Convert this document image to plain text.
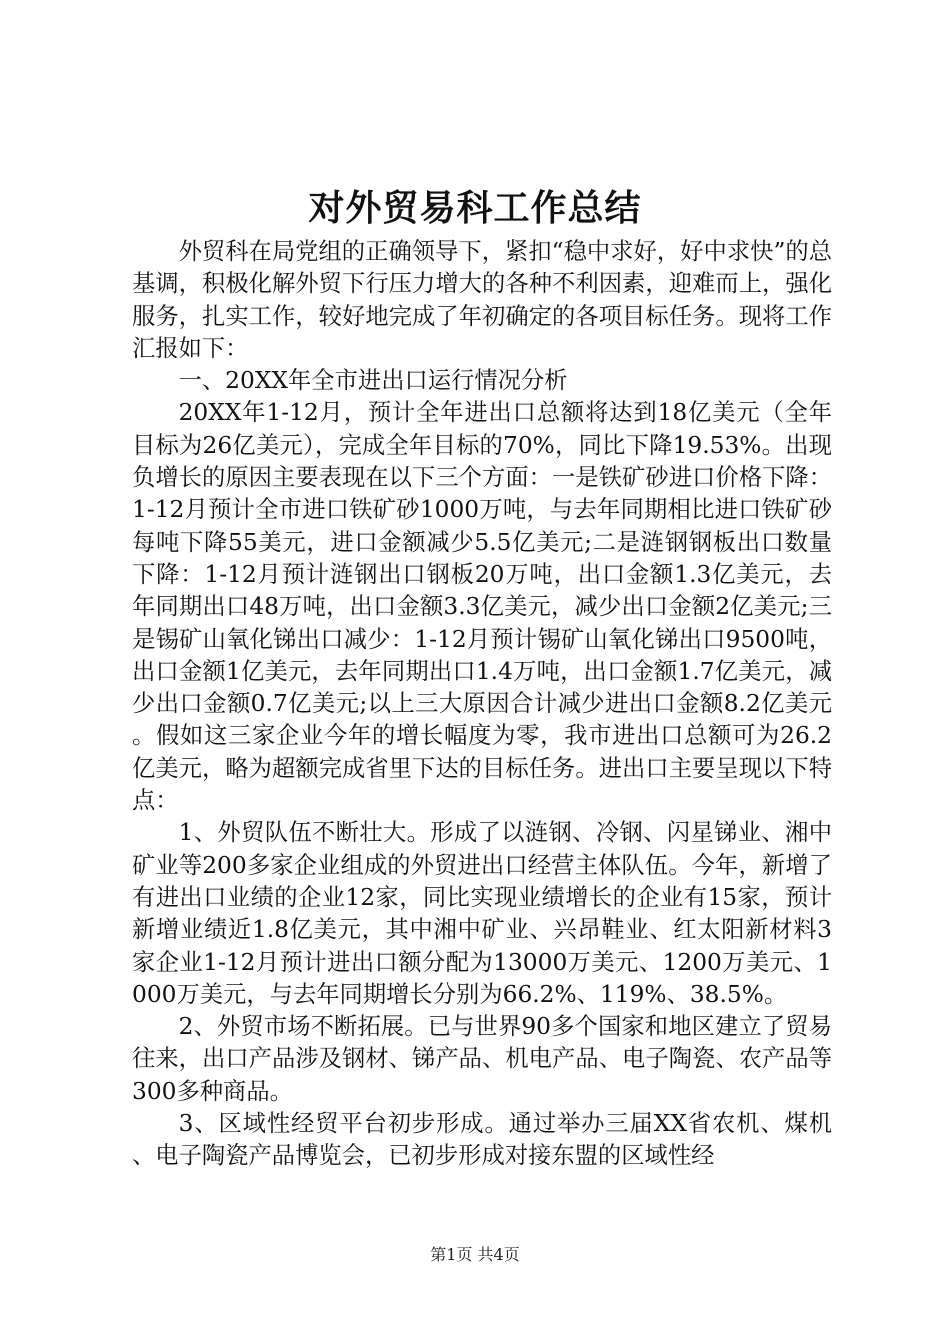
对外贸易科工作总结

外贸科在局党组的正确领导下，紧扣“稳中求好，好中求快”的总基调，积极化解外贸下行压力增大的各种不利因素，迎难而上，强化服务，扎实工作，较好地完成了年初确定的各项目标任务。现将工作汇报如下：

一、20XX年全市进出口运行情况分析

20XX年1-12月，预计全年进出口总额将达到18亿美元（全年目标为26亿美元），完成全年目标的70%，同比下降19.53%。出现负增长的原因主要表现在以下三个方面：一是铁矿砂进口价格下降：1-12月预计全市进口铁矿砂1000万吨，与去年同期相比进口铁矿砂每吨下降55美元，进口金额减少5.5亿美元;二是涟钢钢板出口数量下降：1-12月预计涟钢出口钢板20万吨，出口金额1.3亿美元，去年同期出口48万吨，出口金额3.3亿美元，减少出口金额2亿美元;三是锡矿山氧化锑出口减少：1-12月预计锡矿山氧化锑出口9500吨，出口金额1亿美元，去年同期出口1.4万吨，出口金额1.7亿美元，减少出口金额0.7亿美元;以上三大原因合计减少进出口金额8.2亿美元。假如这三家企业今年的增长幅度为零，我市进出口总额可为26.2亿美元，略为超额完成省里下达的目标任务。进出口主要呈现以下特点：

1、外贸队伍不断壮大。形成了以涟钢、冷钢、闪星锑业、湘中矿业等200多家企业组成的外贸进出口经营主体队伍。今年，新增了有进出口业绩的企业12家，同比实现业绩增长的企业有15家，预计新增业绩近1.8亿美元，其中湘中矿业、兴昂鞋业、红太阳新材料3家企业1-12月预计进出口额分配为13000万美元、1200万美元、1000万美元，与去年同期增长分别为66.2%、119%、38.5%。

2、外贸市场不断拓展。已与世界90多个国家和地区建立了贸易往来，出口产品涉及钢材、锑产品、机电产品、电子陶瓷、农产品等300多种商品。

3、区域性经贸平台初步形成。通过举办三届XX省农机、煤机、电子陶瓷产品博览会，已初步形成对接东盟的区域性经

第1页 共4页
